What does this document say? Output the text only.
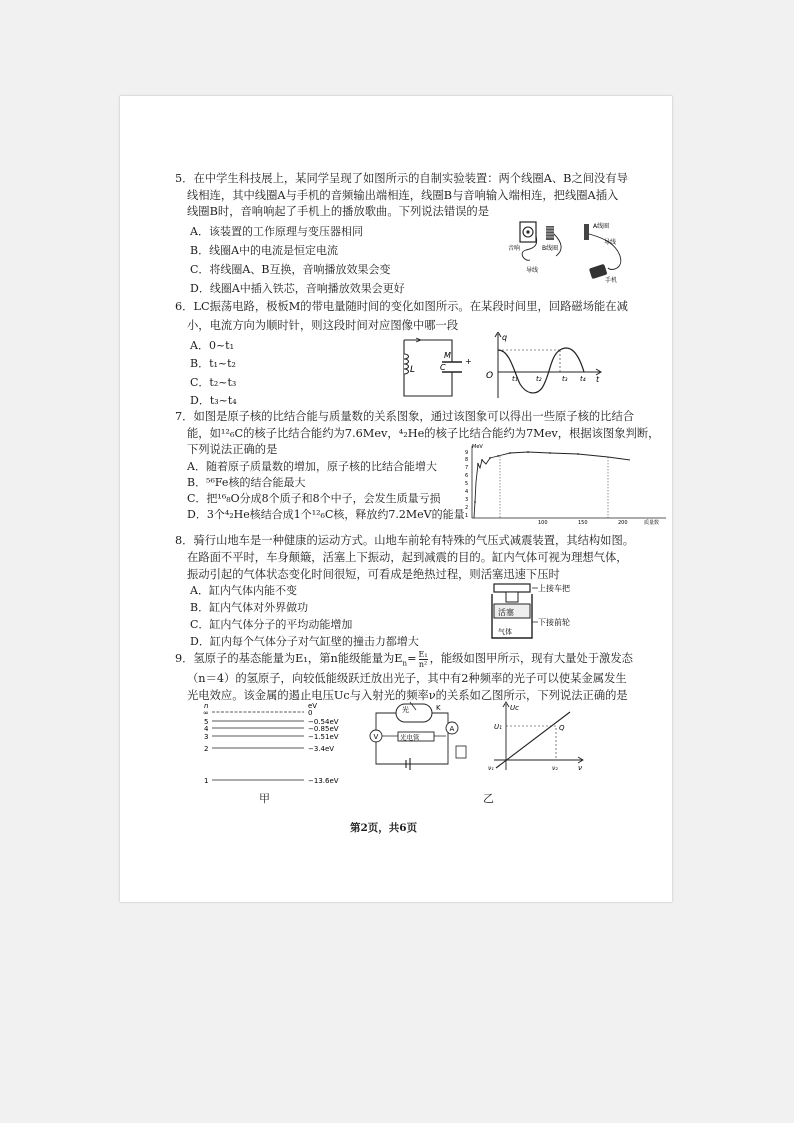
5．在中学生科技展上，某同学呈现了如图所示的自制实验装置：两个线圈A、B之间没有导
线相连，其中线圈A与手机的音频输出端相连，线圈B与音响输入端相连，把线圈A插入
线圈B时，音响响起了手机上的播放歌曲。下列说法错误的是
A．该装置的工作原理与变压器相同
B．线圈A中的电流是恒定电流
C．将线圈A、B互换，音响播放效果会变
D．线圈A中插入铁芯，音响播放效果会更好
音响	B线圈
A线圈
导线
导线
手机
6．LC振荡电路，极板M的带电量随时间的变化如图所示。在某段时间里，回路磁场能在减
小，电流方向为顺时针，则这段时间对应图像中哪一段
A．0~t₁
B．t₁~t₂
C．t₂~t₃
D．t₃~t₄
L
M
C
+
q
O	t
t₁	t₂	t₃ t₄
7．如图是原子核的比结合能与质量数的关系图象，通过该图象可以得出一些原子核的比结合
能，如¹²₆C的核子比结合能约为7.6Mev，⁴₂He的核子比结合能约为7Mev，根据该图象判断，
下列说法正确的是
A．随着原子质量数的增加，原子核的比结合能增大
B．⁵⁶Fe核的结合能最大
C．把¹⁶₈O分成8个质子和8个中子，会发生质量亏损
D．3个⁴₂He核结合成1个¹²₆C核，释放约7.2MeV的能量
MeV
9
8
7
6
5
4
3
2
1
100	150	200	质量数
8．骑行山地车是一种健康的运动方式。山地车前轮有特殊的气压式减震装置，其结构如图。
在路面不平时，车身颠簸，活塞上下振动，起到减震的目的。缸内气体可视为理想气体，
振动引起的气体状态变化时间很短，可看成是绝热过程，则活塞迅速下压时
A．缸内气体内能不变
B．缸内气体对外界做功
C．缸内气体分子的平均动能增加
D．缸内每个气体分子对气缸壁的撞击力都增大
活塞
气体
上接车把
下接前轮
9．氢原子的基态能量为E₁，第n能级能量为$E_n= \frac{\text{E₁}}{\text{n²}}$ ，能级如图甲所示，现有大量处于激发态
（n＝4）的氢原子，向较低能级跃迁放出光子，其中有2种频率的光子可以使某金属发生
光电效应。该金属的遏止电压Uc与入射光的频率ν的关系如乙图所示，下列说法正确的是
n	eV
∞
5
4
3
2
1
0
−0.54eV
−0.85eV
−1.51eV
−3.4eV
−13.6eV
光	K
V
A
光电管
Uc
U₁	Q
ν₁	ν₂	ν
甲	乙
第2页，共6页
